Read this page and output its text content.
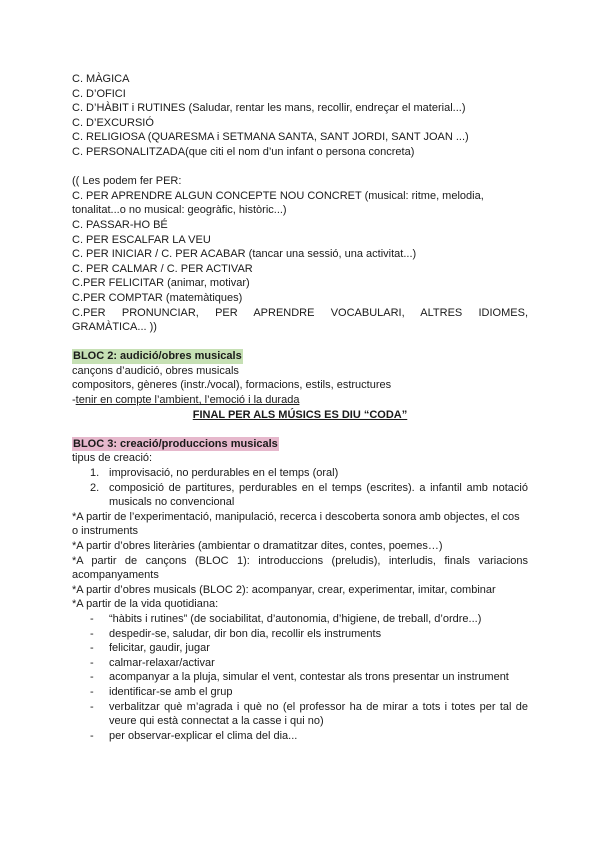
C. MÀGICA
C. D’OFICI
C. D’HÀBIT i RUTINES (Saludar, rentar les mans, recollir, endreçar el material...)
C. D’EXCURSIÓ
C. RELIGIOSA (QUARESMA i SETMANA SANTA, SANT JORDI, SANT JOAN ...)
C. PERSONALITZADA(que citi el nom d’un infant o persona concreta)
(( Les podem fer PER:
C. PER APRENDRE ALGUN CONCEPTE NOU CONCRET (musical: ritme, melodia,
tonalitat...o no musical: geogràfic, històric...)
C. PASSAR-HO BÉ
C. PER ESCALFAR LA VEU
C. PER INICIAR / C. PER ACABAR (tancar una sessió, una activitat...)
C. PER CALMAR / C. PER ACTIVAR
C.PER FELICITAR (animar, motivar)
C.PER COMPTAR (matemàtiques)
C.PER PRONUNCIAR, PER APRENDRE VOCABULARI, ALTRES IDIOMES,
GRAMÀTICA... ))
BLOC 2: audició/obres musicals
cançons d’audició, obres musicals
compositors, gèneres (instr./vocal), formacions, estils, estructures
-tenir en compte l’ambient, l’emoció i la durada
FINAL PER ALS MÚSICS ES DIU “CODA”
BLOC 3: creació/produccions musicals
tipus de creació:
1. improvisació, no perdurables en el temps (oral)
2. composició de partitures, perdurables en el temps (escrites). a infantil amb notació musicals no convencional
*A partir de l’experimentació, manipulació, recerca i descoberta sonora amb objectes, el cos o instruments
*A partir d’obres literàries (ambientar o dramatitzar dites, contes, poemes…)
*A partir de cançons (BLOC 1): introduccions (preludis), interludis, finals variacions acompanyaments
*A partir d’obres musicals (BLOC 2): acompanyar, crear, experimentar, imitar, combinar
*A partir de la vida quotidiana:
- “hàbits i rutines” (de sociabilitat, d’autonomia, d’higiene, de treball, d’ordre...)
- despedir-se, saludar, dir bon dia, recollir els instruments
- felicitar, gaudir, jugar
- calmar-relaxar/activar
- acompanyar a la pluja, simular el vent, contestar als trons presentar un instrument
- identificar-se amb el grup
- verbalitzar què m’agrada i què no (el professor ha de mirar a tots i totes per tal de veure qui està connectat a la casse i qui no)
- per observar-explicar el clima del dia...
